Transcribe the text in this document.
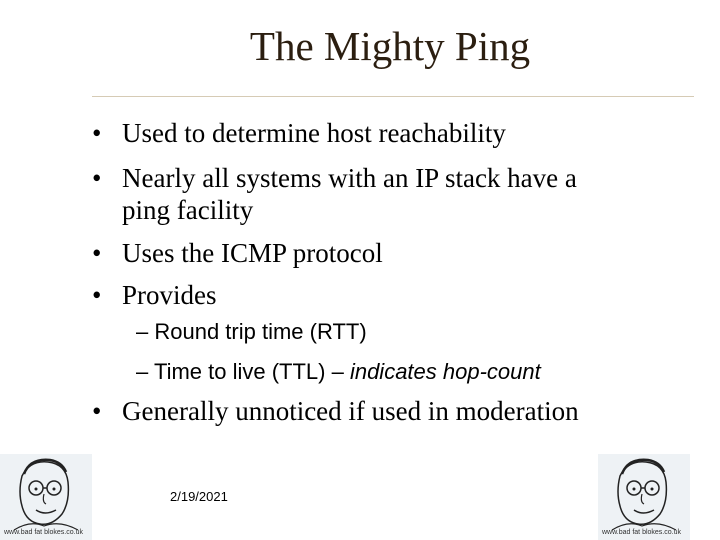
The Mighty Ping
• Used to determine host reachability
• Nearly all systems with an IP stack have a
ping facility
• Uses the ICMP protocol
• Provides
– Round trip time (RTT)
– Time to live (TTL) – indicates hop-count
• Generally unnoticed if used in moderation
2/19/2021
www.bad fat blokes.co.uk	www.bad fat blokes.co.uk
